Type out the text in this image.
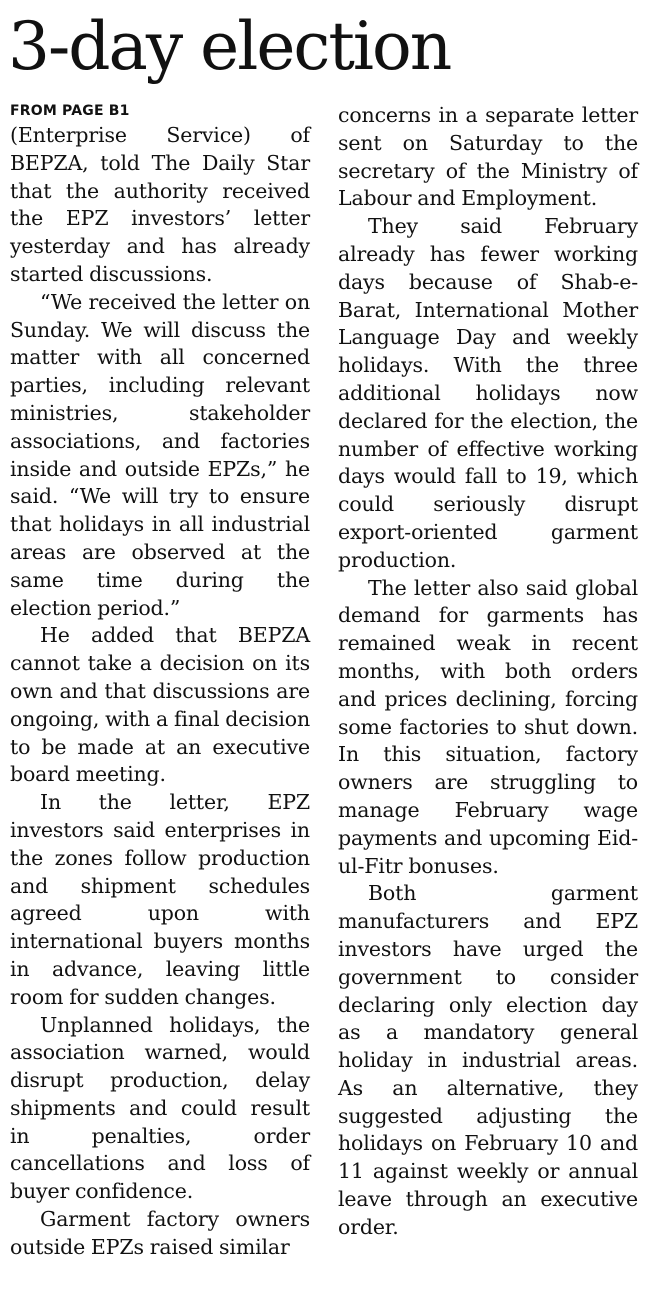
3-day election
FROM PAGE B1

(Enterprise Service) of BEPZA, told The Daily Star that the authority received the EPZ investors’ letter yesterday and has already started discussions.

“We received the letter on Sunday. We will discuss the matter with all concerned parties, including relevant ministries, stakeholder associations, and factories inside and outside EPZs,” he said. “We will try to ensure that holidays in all industrial areas are observed at the same time during the election period.”

He added that BEPZA cannot take a decision on its own and that discussions are ongoing, with a final decision to be made at an executive board meeting.

In the letter, EPZ investors said enterprises in the zones follow production and shipment schedules agreed upon with international buyers months in advance, leaving little room for sudden changes.

Unplanned holidays, the association warned, would disrupt production, delay shipments and could result in penalties, order cancellations and loss of buyer confidence.

Garment factory owners outside EPZs raised similar

concerns in a separate letter sent on Saturday to the secretary of the Ministry of Labour and Employment.

They said February already has fewer working days because of Shab-e-Barat, International Mother Language Day and weekly holidays. With the three additional holidays now declared for the election, the number of effective working days would fall to 19, which could seriously disrupt export-oriented garment production.

The letter also said global demand for garments has remained weak in recent months, with both orders and prices declining, forcing some factories to shut down. In this situation, factory owners are struggling to manage February wage payments and upcoming Eid-ul-Fitr bonuses.

Both garment manufacturers and EPZ investors have urged the government to consider declaring only election day as a mandatory general holiday in industrial areas. As an alternative, they suggested adjusting the holidays on February 10 and 11 against weekly or annual leave through an executive order.
